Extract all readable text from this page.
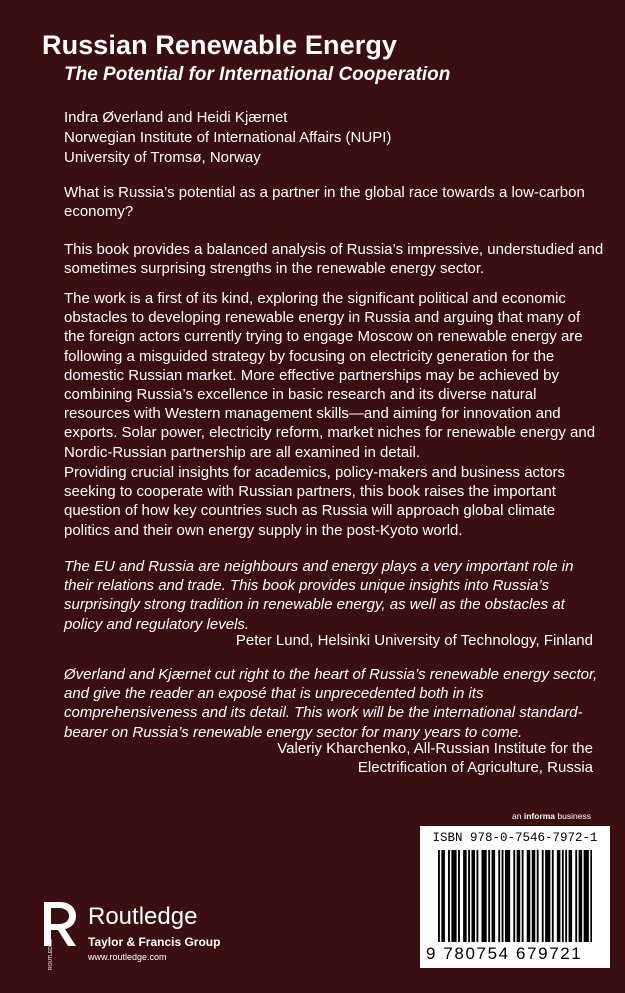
Russian Renewable Energy
The Potential for International Cooperation
Indra Øverland and Heidi Kjærnet
Norwegian Institute of International Affairs (NUPI)
University of Tromsø, Norway

What is Russia’s potential as a partner in the global race towards a low-carbon economy?

This book provides a balanced analysis of Russia’s impressive, understudied and sometimes surprising strengths in the renewable energy sector.

The work is a first of its kind, exploring the significant political and economic obstacles to developing renewable energy in Russia and arguing that many of the foreign actors currently trying to engage Moscow on renewable energy are following a misguided strategy by focusing on electricity generation for the domestic Russian market. More effective partnerships may be achieved by combining Russia’s excellence in basic research and its diverse natural resources with Western management skills—and aiming for innovation and exports. Solar power, electricity reform, market niches for renewable energy and Nordic-Russian partnership are all examined in detail.

Providing crucial insights for academics, policy-makers and business actors seeking to cooperate with Russian partners, this book raises the important question of how key countries such as Russia will approach global climate politics and their own energy supply in the post-Kyoto world.

The EU and Russia are neighbours and energy plays a very important role in their relations and trade. This book provides unique insights into Russia’s surprisingly strong tradition in renewable energy, as well as the obstacles at policy and regulatory levels.

Peter Lund, Helsinki University of Technology, Finland

Øverland and Kjærnet cut right to the heart of Russia’s renewable energy sector, and give the reader an exposé that is unprecedented both in its comprehensiveness and its detail. This work will be the international standard-bearer on Russia’s renewable energy sector for many years to come.

Valeriy Kharchenko, All-Russian Institute for the
Electrification of Agriculture, Russia
an informa business
ISBN 978-0-7546-7972-1
9 780754 679721
ROUTLEDGE
Routledge
Taylor & Francis Group
www.routledge.com
